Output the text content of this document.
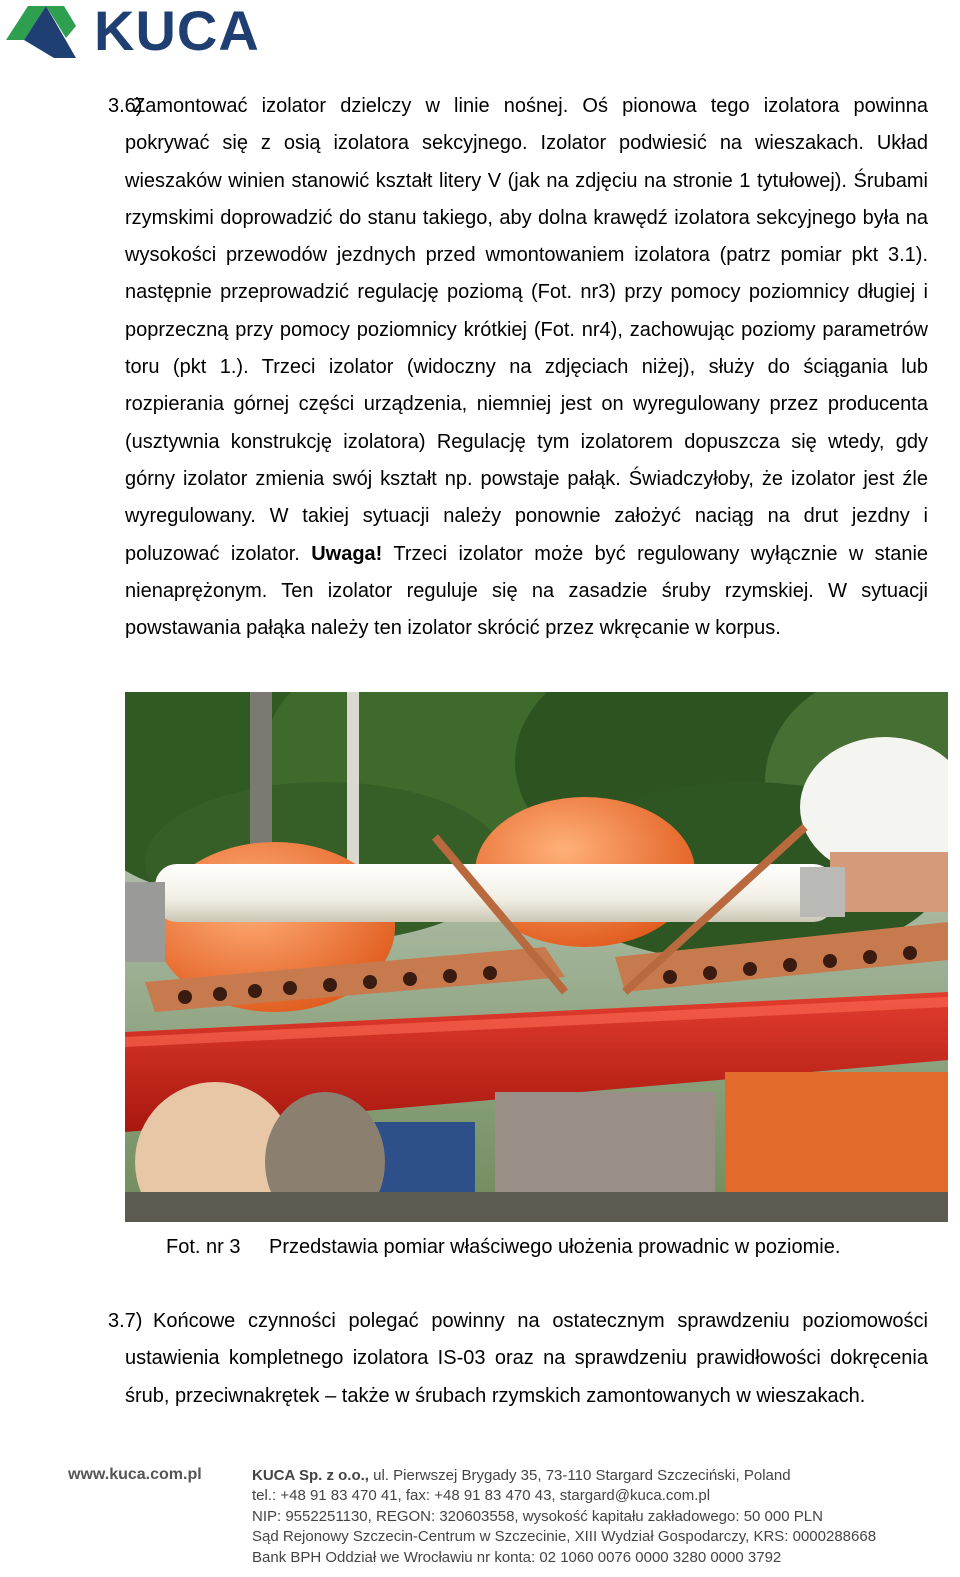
KUCA
3.6)
Zamontować izolator dzielczy w linie nośnej. Oś pionowa tego izolatora powinna pokrywać się z osią izolatora sekcyjnego. Izolator podwiesić na wieszakach. Układ wieszaków winien stanowić kształt litery V (jak na zdjęciu na stronie 1 tytułowej). Śrubami rzymskimi doprowadzić do stanu takiego, aby dolna krawędź izolatora sekcyjnego była na wysokości przewodów jezdnych przed wmontowaniem izolatora (patrz pomiar pkt 3.1). następnie przeprowadzić regulację poziomą (Fot. nr3) przy pomocy poziomnicy długiej i poprzeczną przy pomocy poziomnicy krótkiej (Fot. nr4), zachowując poziomy parametrów toru (pkt 1.). Trzeci izolator (widoczny na zdjęciach niżej), służy do ściągania lub rozpierania górnej części urządzenia, niemniej jest on wyregulowany przez producenta (usztywnia konstrukcję izolatora) Regulację tym izolatorem dopuszcza się wtedy, gdy górny izolator zmienia swój kształt np. powstaje pałąk. Świadczyłoby, że izolator jest źle wyregulowany. W takiej sytuacji należy ponownie założyć naciąg na drut jezdny i poluzować izolator. Uwaga! Trzeci izolator może być regulowany wyłącznie w stanie nienaprężonym. Ten izolator reguluje się na zasadzie śruby rzymskiej. W sytuacji powstawania pałąka należy ten izolator skrócić przez wkręcanie w korpus.
Fot. nr 3 Przedstawia pomiar właściwego ułożenia prowadnic w poziomie.
3.7) Końcowe czynności polegać powinny na ostatecznym sprawdzeniu poziomowości ustawienia kompletnego izolatora IS-03 oraz na sprawdzeniu prawidłowości dokręcenia śrub, przeciwnakrętek – także w śrubach rzymskich zamontowanych w wieszakach.
www.kuca.com.pl	KUCA Sp. z o.o., ul. Pierwszej Brygady 35, 73-110 Stargard Szczeciński, Poland
tel.: +48 91 83 470 41, fax: +48 91 83 470 43, stargard@kuca.com.pl
NIP: 9552251130, REGON: 320603558, wysokość kapitału zakładowego: 50 000 PLN
Sąd Rejonowy Szczecin-Centrum w Szczecinie, XIII Wydział Gospodarczy, KRS: 0000288668
Bank BPH Oddział we Wrocławiu nr konta: 02 1060 0076 0000 3280 0000 3792
